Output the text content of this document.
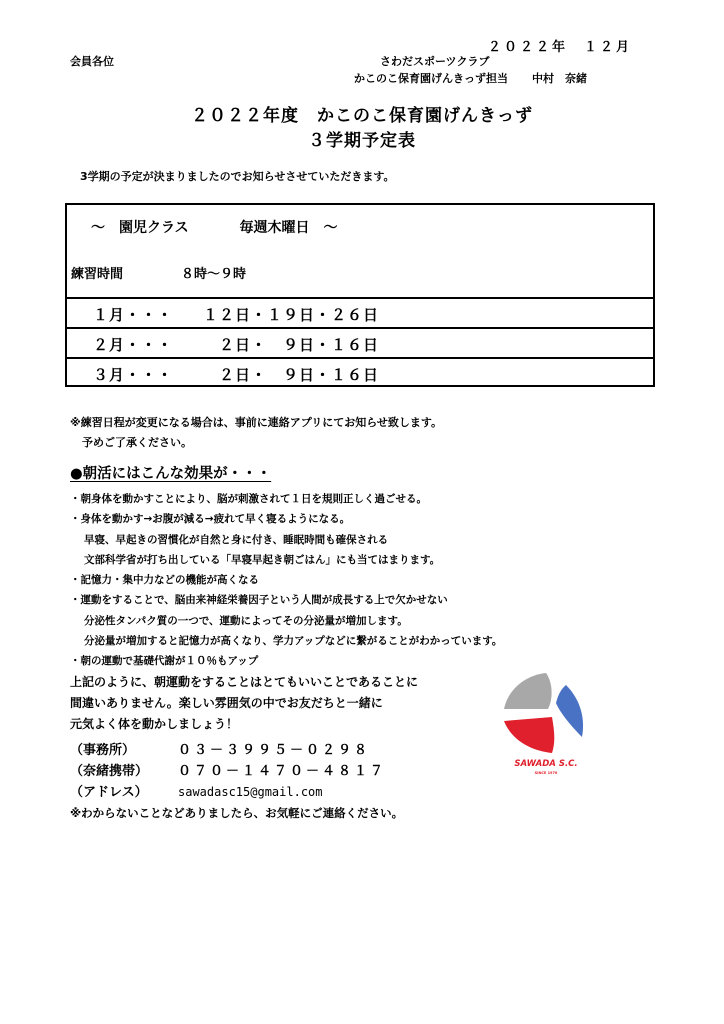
２０２２年　１２月
会員各位	さわだスポーツクラブ
かこのこ保育園げんきっず担当 中村　奈緒
２０２２年度　かこのこ保育園げんきっず
３学期予定表
3学期の予定が決まりましたのでお知らせさせていただきます。
～　園児クラス	毎週木曜日　～
練習時間	８時～９時
１月・・・ １２日・１９日・２６日
２月・・・ 　２日・　９日・１６日
３月・・・ 　２日・　９日・１６日
※練習日程が変更になる場合は、事前に連絡アプリにてお知らせ致します。
予めご了承ください。
●朝活にはこんな効果が・・・
・朝身体を動かすことにより、脳が刺激されて１日を規則正しく過ごせる。
・身体を動かす→お腹が減る→疲れて早く寝るようになる。
早寝、早起きの習慣化が自然と身に付き、睡眠時間も確保される
文部科学省が打ち出している「早寝早起き朝ごはん」にも当てはまります。
・記憶力・集中力などの機能が高くなる
・運動をすることで、脳由来神経栄養因子という人間が成長する上で欠かせない
分泌性タンパク質の一つで、運動によってその分泌量が増加します。
分泌量が増加すると記憶力が高くなり、学力アップなどに繋がることがわかっています。
・朝の運動で基礎代謝が１０％もアップ
上記のように、朝運動をすることはとてもいいことであることに
間違いありません。楽しい雰囲気の中でお友だちと一緒に
元気よく体を動かしましょう！
（事務所）	０３－３９９５－０２９８
（奈緒携帯） ０７０－１４７０－４８１７
（アドレス）	sawadasc15@gmail.com
※わからないことなどありましたら、お気軽にご連絡ください。
SAWADA S.C.
SINCE 1970
